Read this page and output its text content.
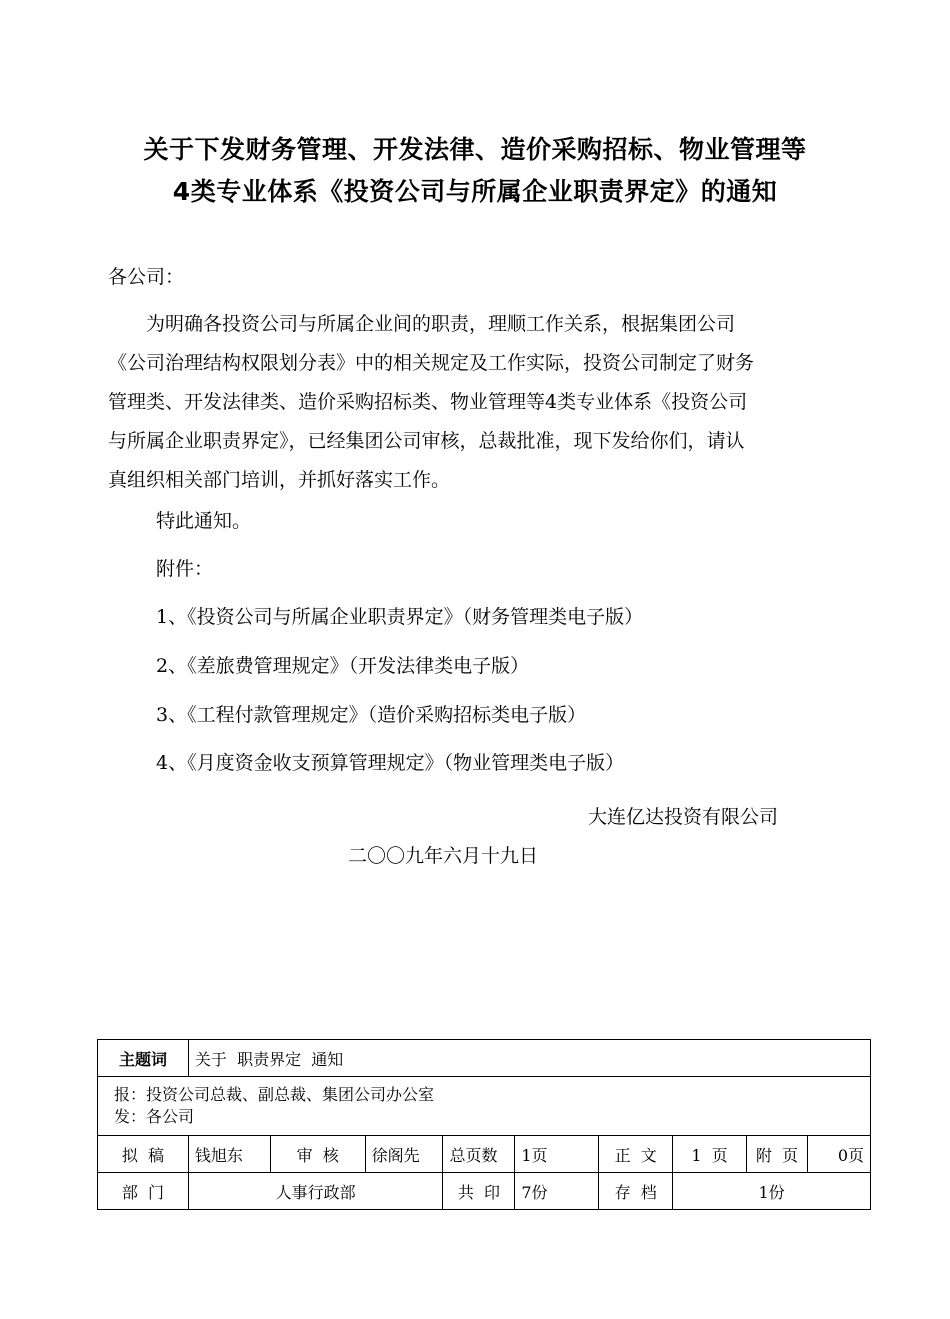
关于下发财务管理、开发法律、造价采购招标、物业管理等
4类专业体系《投资公司与所属企业职责界定》的通知
各公司：
为明确各投资公司与所属企业间的职责，理顺工作关系，根据集团公司
《公司治理结构权限划分表》中的相关规定及工作实际，投资公司制定了财务
管理类、开发法律类、造价采购招标类、物业管理等4类专业体系《投资公司
与所属企业职责界定》，已经集团公司审核，总裁批准，现下发给你们，请认
真组织相关部门培训，并抓好落实工作。
特此通知。
附件：
1、《投资公司与所属企业职责界定》（财务管理类电子版）
2、《差旅费管理规定》（开发法律类电子版）
3、《工程付款管理规定》（造价采购招标类电子版）
4、《月度资金收支预算管理规定》（物业管理类电子版）
大连亿达投资有限公司
二〇〇九年六月十九日
主题词	关于  职责界定  通知								

报：投资公司总裁、副总裁、集团公司办公室
发：各公司									

拟  稿	钱旭东	审  核	徐阁先	总页数	1页	正  文	1  页	附  页	0页
部  门	人事行政部			共  印	7份	存  档	1份		
